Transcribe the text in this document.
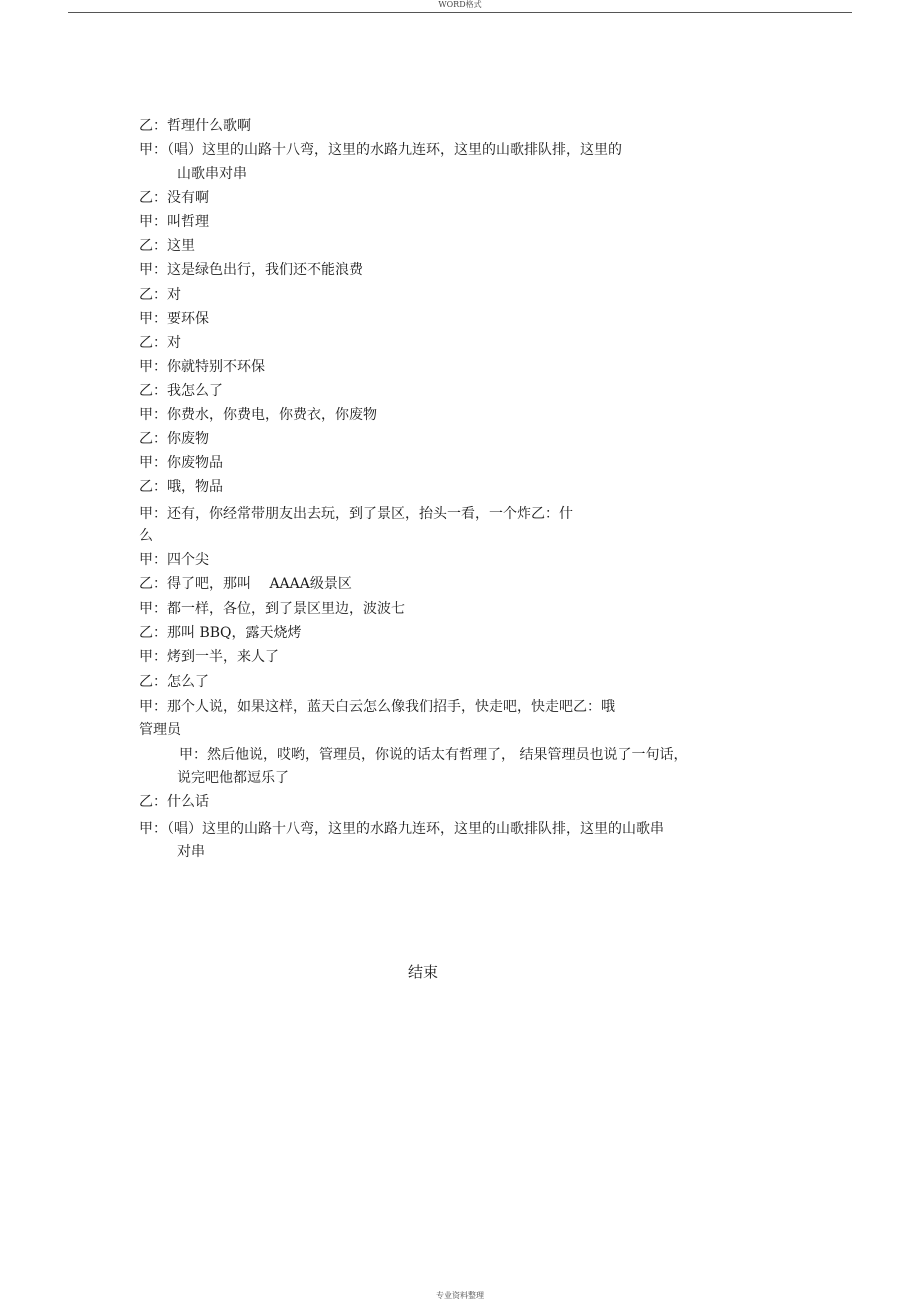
WORD格式
乙：哲理什么歌啊
甲：（唱）这里的山路十八弯，这里的水路九连环，这里的山歌排队排，这里的
山歌串对串
乙：没有啊
甲：叫哲理
乙：这里
甲：这是绿色出行，我们还不能浪费
乙：对
甲：要环保
乙：对
甲：你就特别不环保
乙：我怎么了
甲：你费水，你费电，你费衣，你废物
乙：你废物
甲：你废物品
乙：哦，物品
甲：还有，你经常带朋友出去玩，到了景区，抬头一看，一个炸乙：什
么
甲：四个尖
乙：得了吧，那叫　 AAAA级景区
甲：都一样，各位，到了景区里边，波波七
乙：那叫 BBQ，露天烧烤
甲：烤到一半，来人了
乙：怎么了
甲：那个人说，如果这样，蓝天白云怎么像我们招手，快走吧，快走吧乙：哦
管理员
甲：然后他说，哎哟，管理员，你说的话太有哲理了， 结果管理员也说了一句话，
说完吧他都逗乐了
乙：什么话
甲：（唱）这里的山路十八弯，这里的水路九连环，这里的山歌排队排，这里的山歌串
对串
结束
专业资料整理
